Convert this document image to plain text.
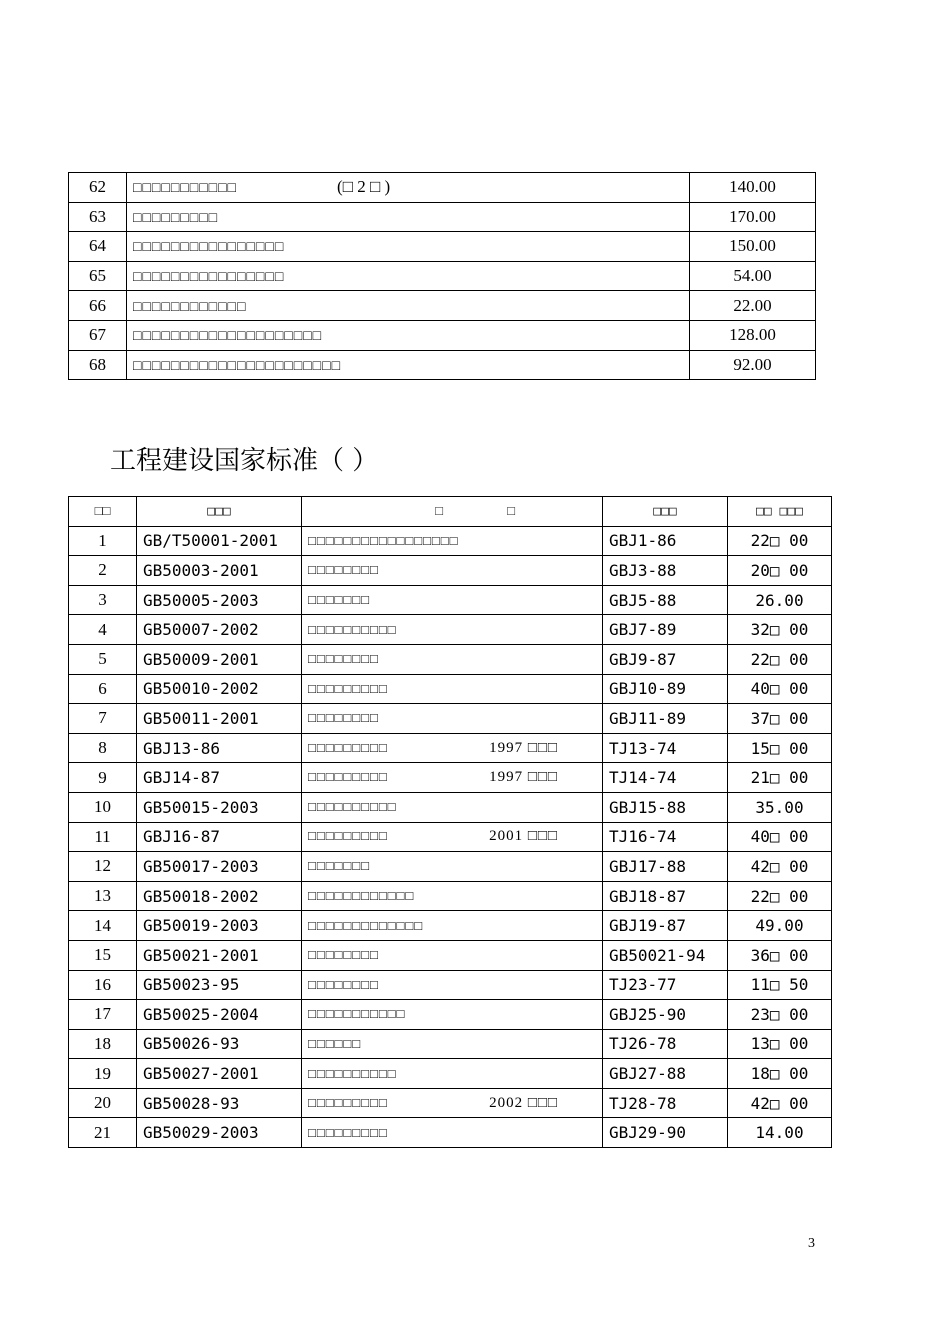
62	□□□□□□□□□□□ (□ 2 □ )	140.00
63	□□□□□□□□□	170.00
64	□□□□□□□□□□□□□□□□	150.00
65	□□□□□□□□□□□□□□□□	54.00
66	□□□□□□□□□□□□	22.00
67	□□□□□□□□□□□□□□□□□□□□	128.00
68	□□□□□□□□□□□□□□□□□□□□□□	92.00
工程建设国家标准（ ）
□□	□□□	□ □	□□□	□□ □□□
1	GB/T50001-2001	□□□□□□□□□□□□□□□□□	GBJ1-86	22□ 00
2	GB50003-2001	□□□□□□□□	GBJ3-88	20□ 00
3	GB50005-2003	□□□□□□□	GBJ5-88	26.00
4	GB50007-2002	□□□□□□□□□□	GBJ7-89	32□ 00
5	GB50009-2001	□□□□□□□□	GBJ9-87	22□ 00
6	GB50010-2002	□□□□□□□□□	GBJ10-89	40□ 00
7	GB50011-2001	□□□□□□□□	GBJ11-89	37□ 00
8	GBJ13-86	□□□□□□□□□ 1997 □□□	TJ13-74	15□ 00
9	GBJ14-87	□□□□□□□□□ 1997 □□□	TJ14-74	21□ 00
10	GB50015-2003	□□□□□□□□□□	GBJ15-88	35.00
11	GBJ16-87	□□□□□□□□□ 2001 □□□	TJ16-74	40□ 00
12	GB50017-2003	□□□□□□□	GBJ17-88	42□ 00
13	GB50018-2002	□□□□□□□□□□□□	GBJ18-87	22□ 00
14	GB50019-2003	□□□□□□□□□□□□□	GBJ19-87	49.00
15	GB50021-2001	□□□□□□□□	GB50021-94	36□ 00
16	GB50023-95	□□□□□□□□	TJ23-77	11□ 50
17	GB50025-2004	□□□□□□□□□□□	GBJ25-90	23□ 00
18	GB50026-93	□□□□□□	TJ26-78	13□ 00
19	GB50027-2001	□□□□□□□□□□	GBJ27-88	18□ 00
20	GB50028-93	□□□□□□□□□ 2002 □□□	TJ28-78	42□ 00
21	GB50029-2003	□□□□□□□□□	GBJ29-90	14.00
3
